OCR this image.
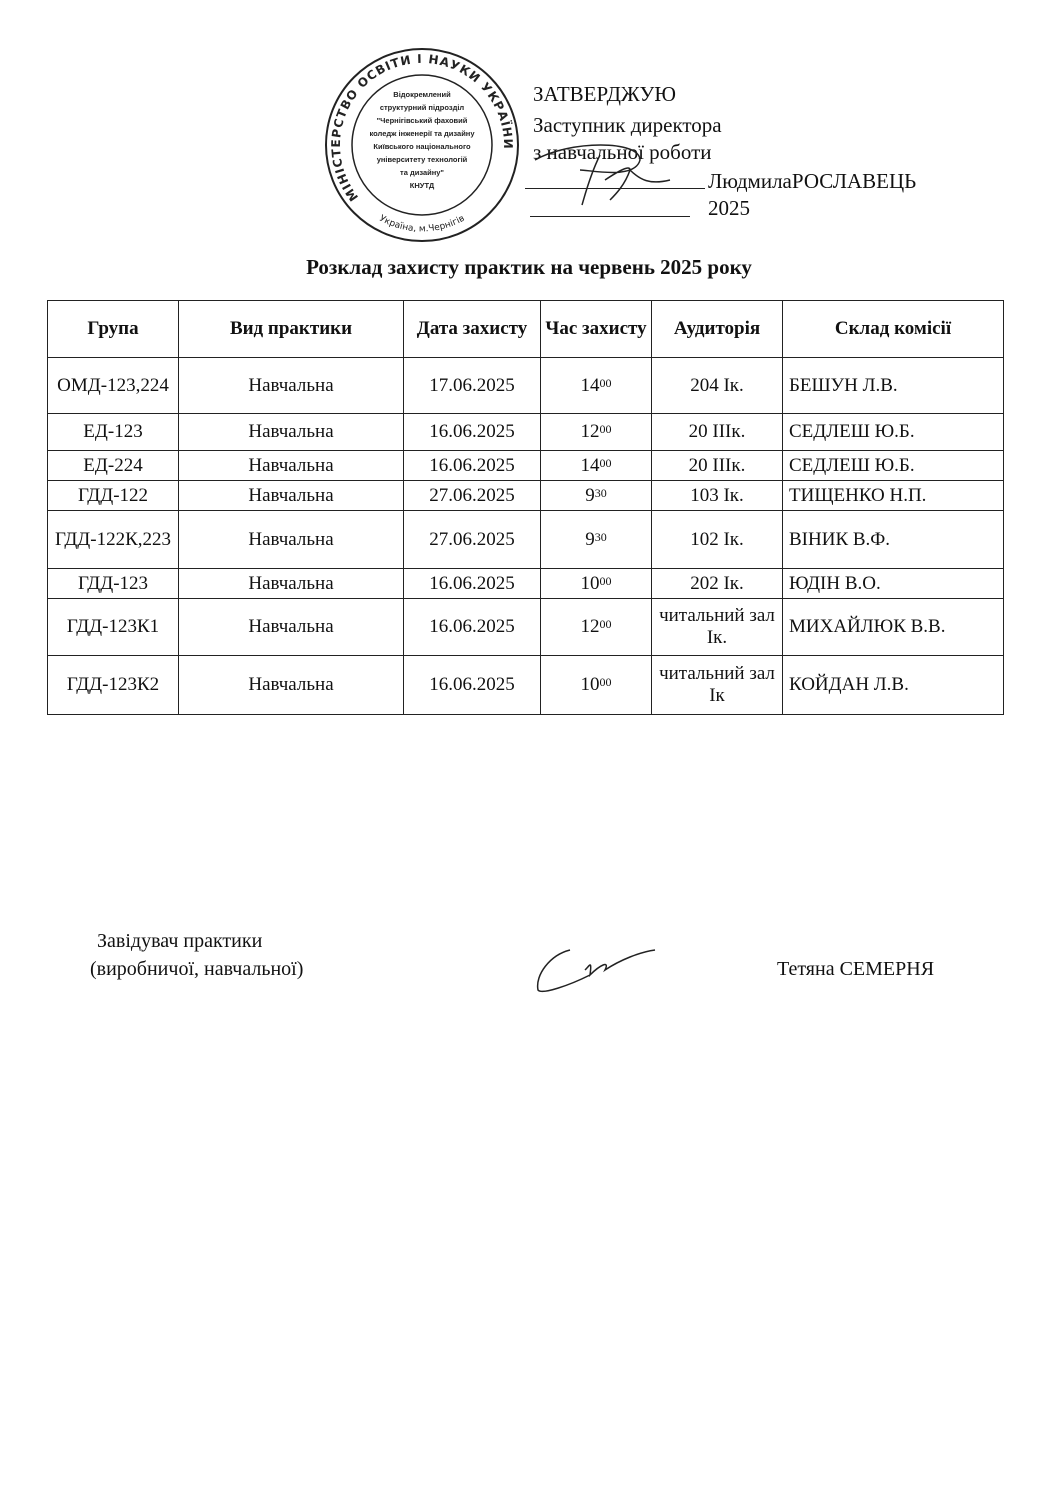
МІНІСТЕРСТВО ОСВІТИ І НАУКИ УКРАЇНИ
Україна, м.Чернігів
Відокремлений
структурний підрозділ
"Чернігівський фаховий
коледж інженерії та дизайну
Київського національного
університету технологій
та дизайну"
КНУТД
ЗАТВЕРДЖУЮ
Заступник директора
з навчальної роботи
ЛюдмилаРОСЛАВЕЦЬ
2025
Розклад захисту практик на червень 2025 року
Група	Вид практики	Дата захисту	Час захисту	Аудиторія	Склад комісії
ОМД-123,224	Навчальна	17.06.2025	$14^{00}$	204 Ік.	БЕШУН Л.В.
ЕД-123	Навчальна	16.06.2025	$12^{00}$	20 ІІІк.	СЕДЛЕШ Ю.Б.
ЕД-224	Навчальна	16.06.2025	$14^{00}$	20 ІІІк.	СЕДЛЕШ Ю.Б.
ГДД-122	Навчальна	27.06.2025	$9^{30}$	103 Ік.	ТИЩЕНКО Н.П.
ГДД-122К,223	Навчальна	27.06.2025	$9^{30}$	102 Ік.	ВІНИК В.Ф.
ГДД-123	Навчальна	16.06.2025	$10^{00}$	202 Ік.	ЮДІН В.О.
ГДД-123К1	Навчальна	16.06.2025	$12^{00}$	читальний зал Ік.	МИХАЙЛЮК В.В.
ГДД-123К2	Навчальна	16.06.2025	$10^{00}$	читальний зал Ік	КОЙДАН Л.В.
Завідувач практики
(виробничої, навчальної)	Тетяна СЕМЕРНЯ
